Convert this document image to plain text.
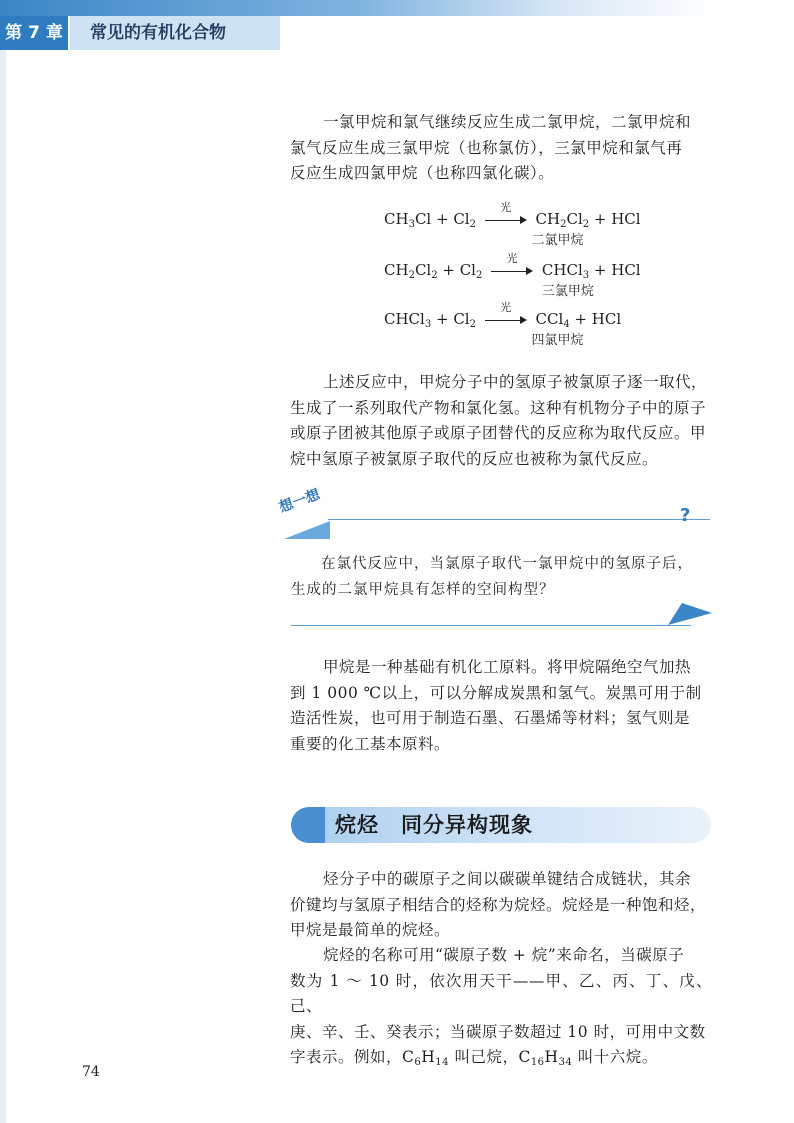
第 7 章	常见的有机化合物

一氯甲烷和氯气继续反应生成二氯甲烷，二氯甲烷和
氯气反应生成三氯甲烷（也称氯仿），三氯甲烷和氯气再
反应生成四氯甲烷（也称四氯化碳）。

$CH_3Cl + Cl_2$
光
$CH_2Cl_2$ + HCl
二氯甲烷
$CH_2Cl_2 + Cl_2$
光
CHCl$_3$ + HCl
三氯甲烷
CHCl$_3$ + $Cl_2$
光
CCl$_4$ + HCl
四氯甲烷

上述反应中，甲烷分子中的氢原子被氯原子逐一取代，
生成了一系列取代产物和氯化氢。这种有机物分子中的原子
或原子团被其他原子或原子团替代的反应称为取代反应。甲
烷中氢原子被氯原子取代的反应也被称为氯代反应。

想一想	?

在氯代反应中，当氯原子取代一氯甲烷中的氢原子后，
生成的二氯甲烷具有怎样的空间构型？

甲烷是一种基础有机化工原料。将甲烷隔绝空气加热
到 1 000 ℃以上，可以分解成炭黑和氢气。炭黑可用于制
造活性炭，也可用于制造石墨、石墨烯等材料；氢气则是
重要的化工基本原料。

烷烃　同分异构现象

烃分子中的碳原子之间以碳碳单键结合成链状，其余
价键均与氢原子相结合的烃称为烷烃。烷烃是一种饱和烃，
甲烷是最简单的烷烃。

烷烃的名称可用“碳原子数 + 烷”来命名，当碳原子
数为 1 ～ 10 时，依次用天干——甲、乙、丙、丁、戊、己、
庚、辛、壬、癸表示；当碳原子数超过 10 时，可用中文数
字表示。例如，$C_6H_{14}$ 叫己烷，$C_{16}H_{34}$ 叫十六烷。

74
